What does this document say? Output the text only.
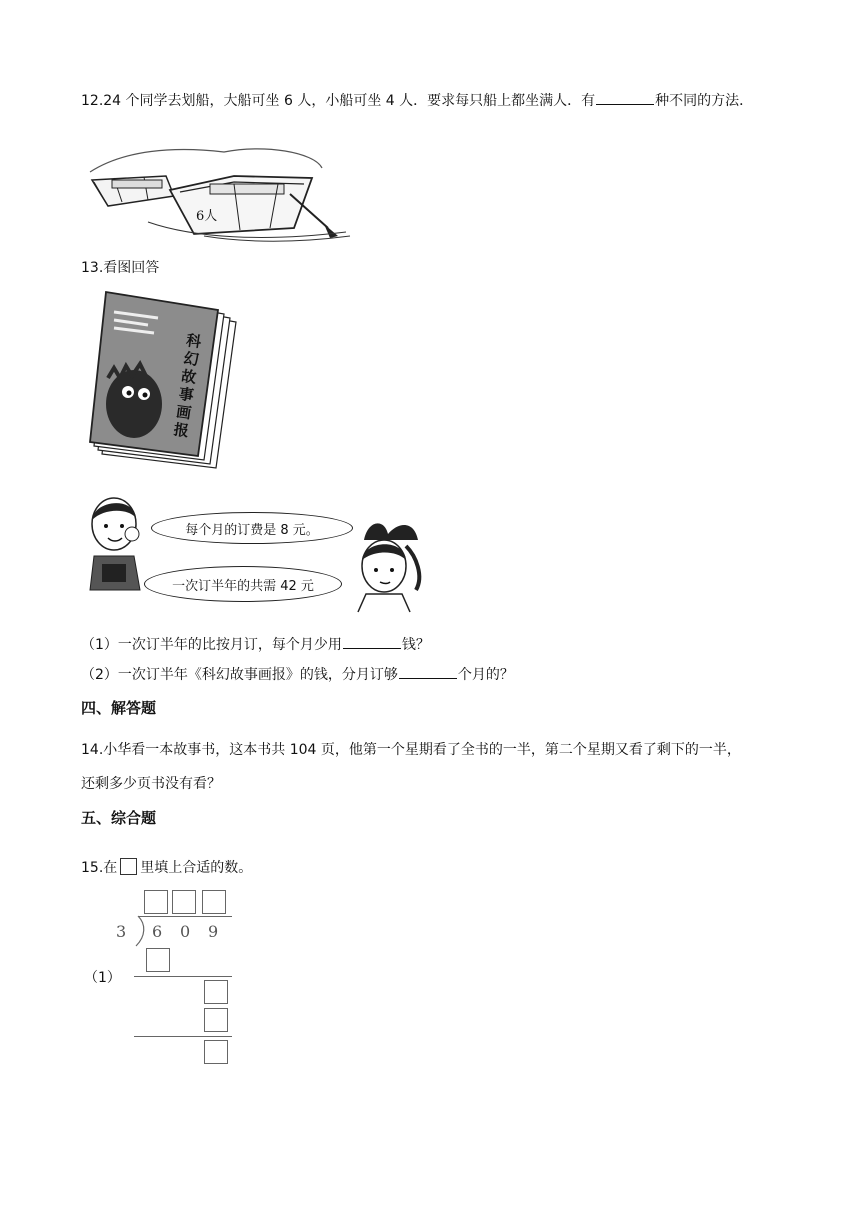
12.24 个同学去划船，大船可坐 6 人，小船可坐 4 人．要求每只船上都坐满人．有	种不同的方法．
6人
13.看图回答
科幻故事画报
每个月的订费是 8 元。
一次订半年的共需 42 元
（1）一次订半年的比按月订，每个月少用	钱？
（2）一次订半年《科幻故事画报》的钱，分月订够	个月的？
四、解答题
14.小华看一本故事书，这本书共 104 页，他第一个星期看了全书的一半，第二个星期又看了剩下的一半，
还剩多少页书没有看？
五、综合题
15.在 里填上合适的数。
（1）
3 6 0 9
